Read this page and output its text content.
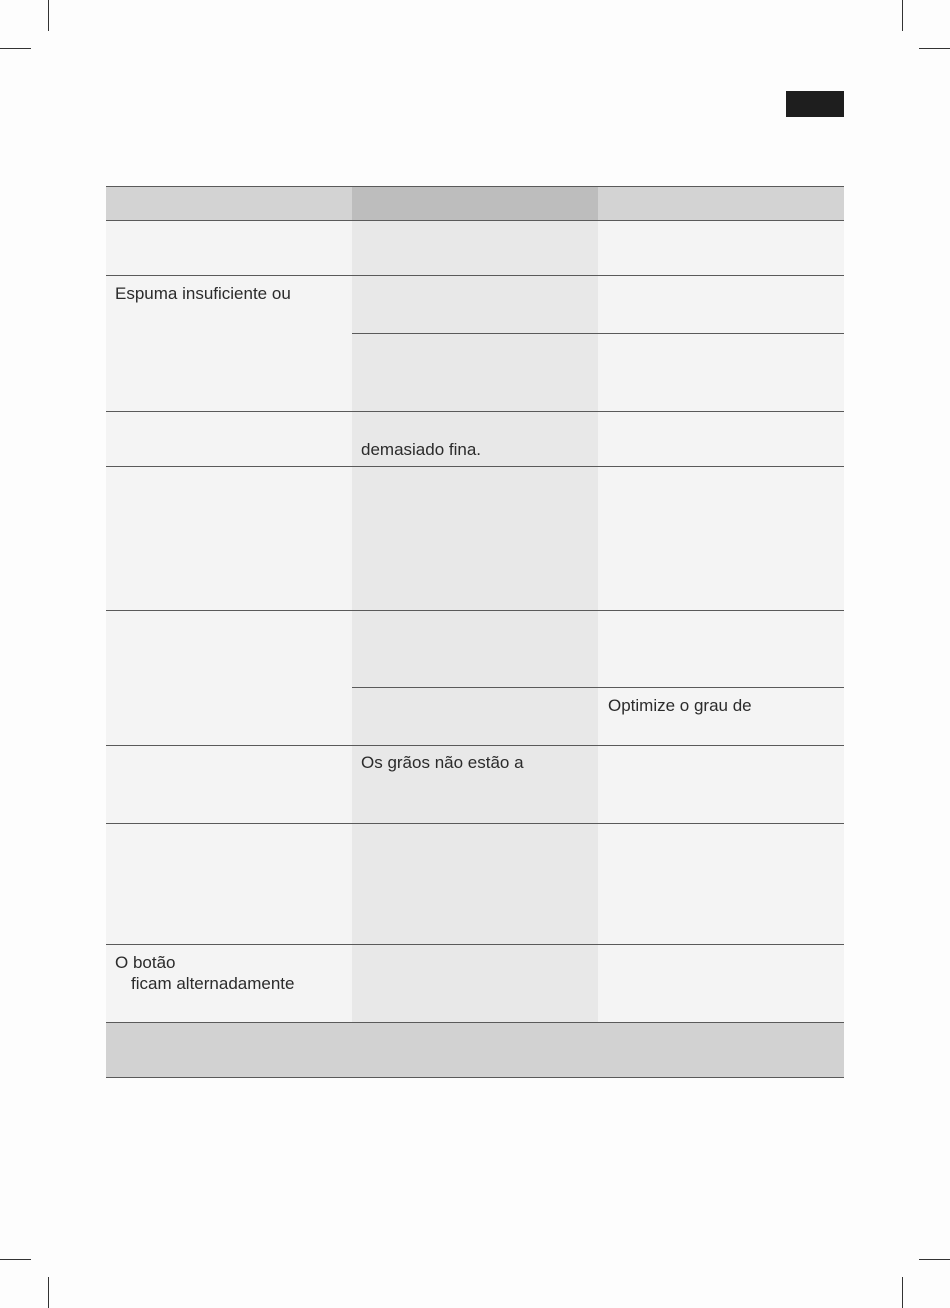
Espuma insuficiente ou
demasiado fina.
Optimize o grau de
Os grãos não estão a
O botão
ficam alternadamente
